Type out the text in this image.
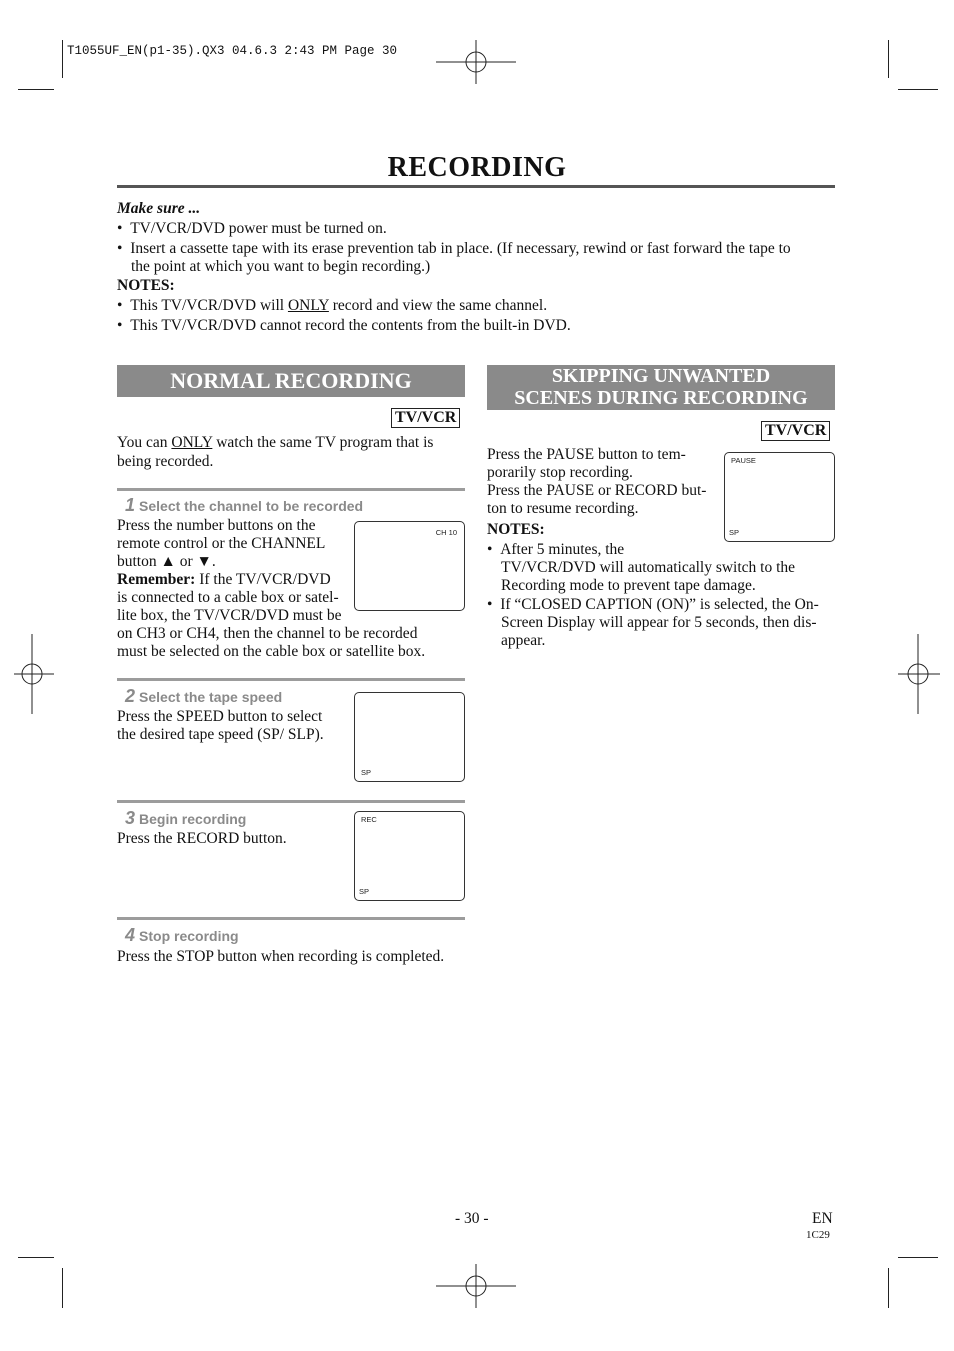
T1055UF_EN(p1-35).QX3 04.6.3 2:43 PM Page 30
RECORDING
Make sure ...
•  TV/VCR/DVD power must be turned on.
•  Insert a cassette tape with its erase prevention tab in place. (If necessary, rewind or fast forward the tape to
the point at which you want to begin recording.)
NOTES:
•  This TV/VCR/DVD will ONLY record and view the same channel.
•  This TV/VCR/DVD cannot record the contents from the built-in DVD.
NORMAL RECORDING
TV/VCR
You can ONLY watch the same TV program that is
being recorded.
1 Select the channel to be recorded
Press the number buttons on the
remote control or the CHANNEL
button ▲ or ▼.
Remember: If the TV/VCR/DVD
is connected to a cable box or satel-
lite box, the TV/VCR/DVD must be
on CH3 or CH4, then the channel to be recorded
must be selected on the cable box or satellite box.
CH 10
2 Select the tape speed
Press the SPEED button to select
the desired tape speed (SP/ SLP).
SP
3 Begin recording
Press the RECORD button.
REC
SP
4 Stop recording
Press the STOP button when recording is completed.
SKIPPING UNWANTED
SCENES DURING RECORDING
TV/VCR
Press the PAUSE button to tem-
porarily stop recording.
Press the PAUSE or RECORD but-
ton to resume recording.
PAUSE
SP
NOTES:
•  After 5 minutes, the
TV/VCR/DVD will automatically switch to the
Recording mode to prevent tape damage.
•  If “CLOSED CAPTION (ON)” is selected, the On-
Screen Display will appear for 5 seconds, then dis-
appear.
- 30 -	EN
1C29
